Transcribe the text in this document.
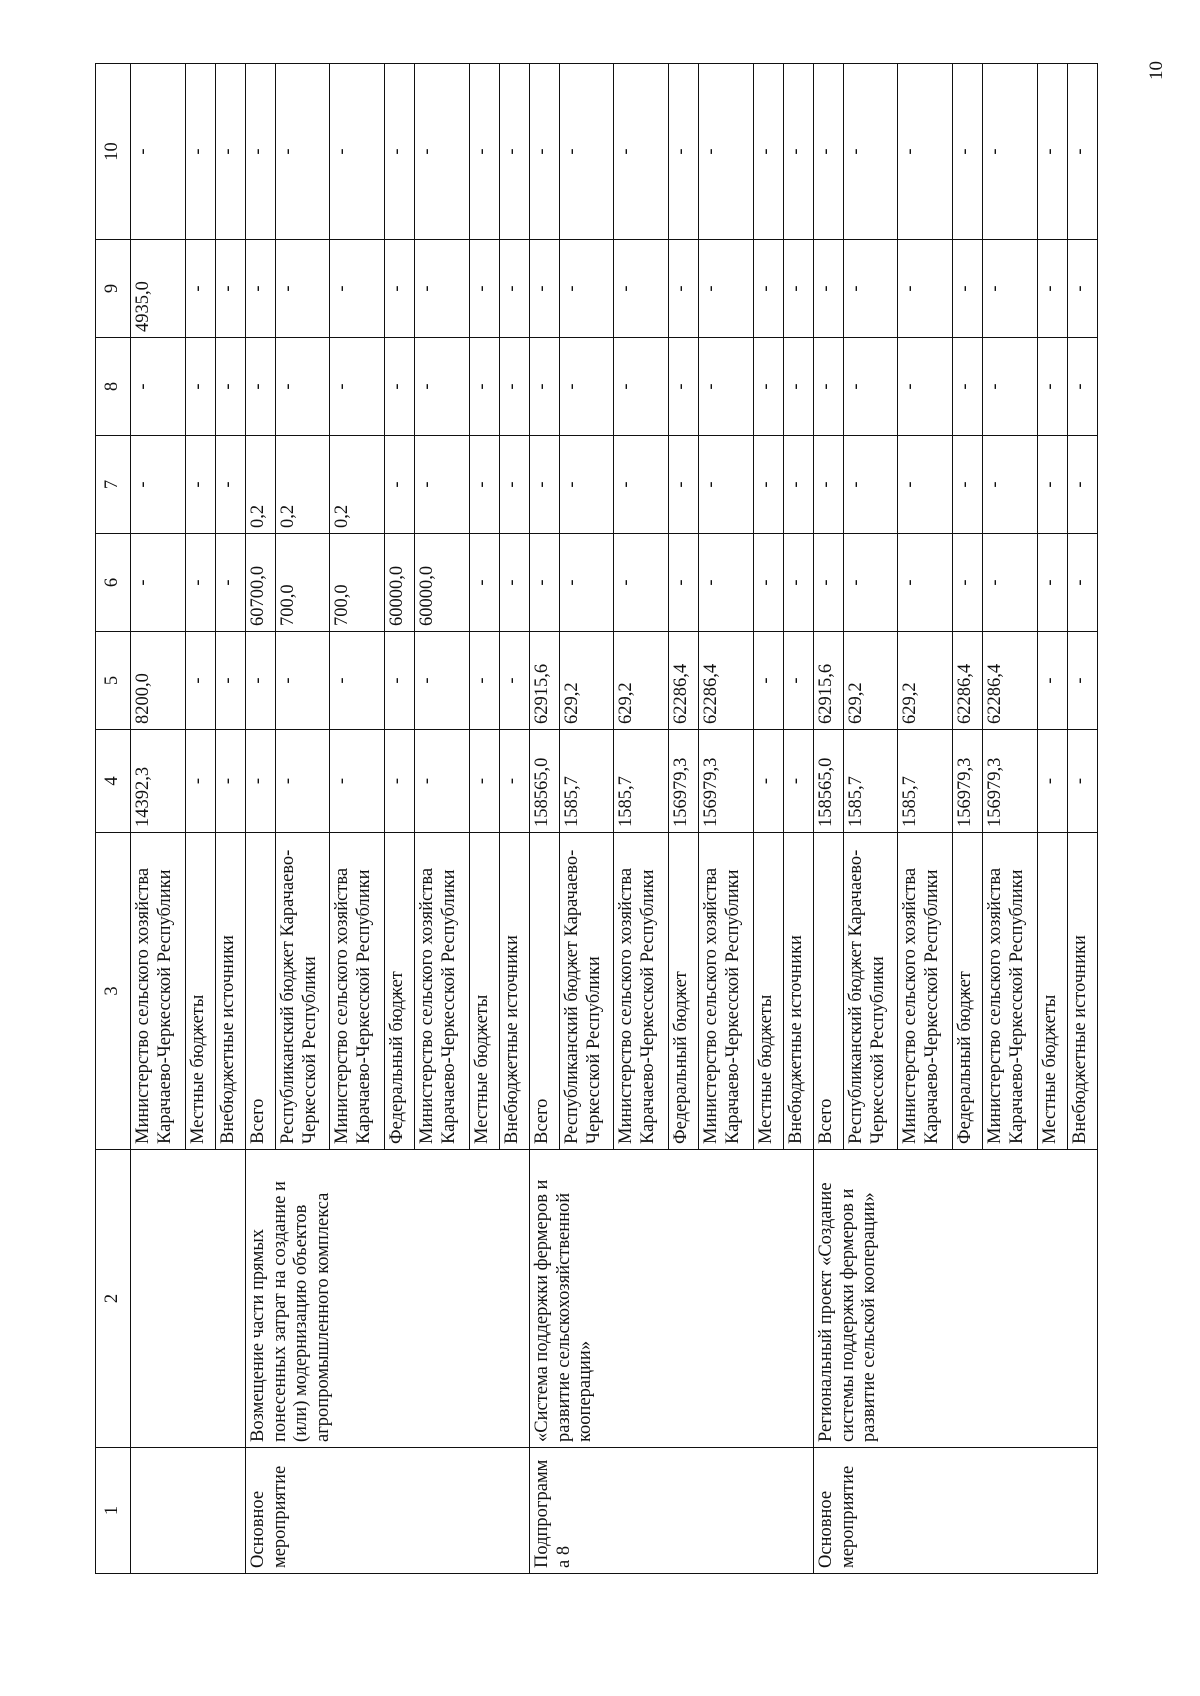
10
1	2	3	4	5	6	7	8	9	10
		Министерство сельского хозяйства Карачаево-Черкесской Республики	14392,3	8200,0	-	-	-	4935,0	-
		Местные бюджеты	-	-	-	-	-	-	-
		Внебюджетные источники	-	-	-	-	-	-	-
Основное мероприятие	Возмещение части прямых понесенных затрат на создание и (или) модернизацию объектов агропромышленного комплекса	Всего	-	-	60700,0	0,2	-	-	-
		Республиканский бюджет Карачаево-Черкесской Республики	-	-	700,0	0,2	-	-	-
		Министерство сельского хозяйства Карачаево-Черкесской Республики	-	-	700,0	0,2	-	-	-
		Федеральный бюджет	-	-	60000,0	-	-	-	-
		Министерство сельского хозяйства Карачаево-Черкесской Республики	-	-	60000,0	-	-	-	-
		Местные бюджеты	-	-	-	-	-	-	-
		Внебюджетные источники	-	-	-	-	-	-	-
Подпрограмма 8	«Система поддержки фермеров и развитие сельскохозяйственной кооперации»	Всего	158565,0	62915,6	-	-	-	-	-
		Республиканский бюджет Карачаево-Черкесской Республики	1585,7	629,2	-	-	-	-	-
		Министерство сельского хозяйства Карачаево-Черкесской Республики	1585,7	629,2	-	-	-	-	-
		Федеральный бюджет	156979,3	62286,4	-	-	-	-	-
		Министерство сельского хозяйства Карачаево-Черкесской Республики	156979,3	62286,4	-	-	-	-	-
		Местные бюджеты	-	-	-	-	-	-	-
		Внебюджетные источники	-	-	-	-	-	-	-
Основное мероприятие	Региональный проект «Создание системы поддержки фермеров и развитие сельской кооперации»	Всего	158565,0	62915,6	-	-	-	-	-
		Республиканский бюджет Карачаево-Черкесской Республики	1585,7	629,2	-	-	-	-	-
		Министерство сельского хозяйства Карачаево-Черкесской Республики	1585,7	629,2	-	-	-	-	-
		Федеральный бюджет	156979,3	62286,4	-	-	-	-	-
		Министерство сельского хозяйства Карачаево-Черкесской Республики	156979,3	62286,4	-	-	-	-	-
		Местные бюджеты	-	-	-	-	-	-	-
		Внебюджетные источники	-	-	-	-	-	-	-
